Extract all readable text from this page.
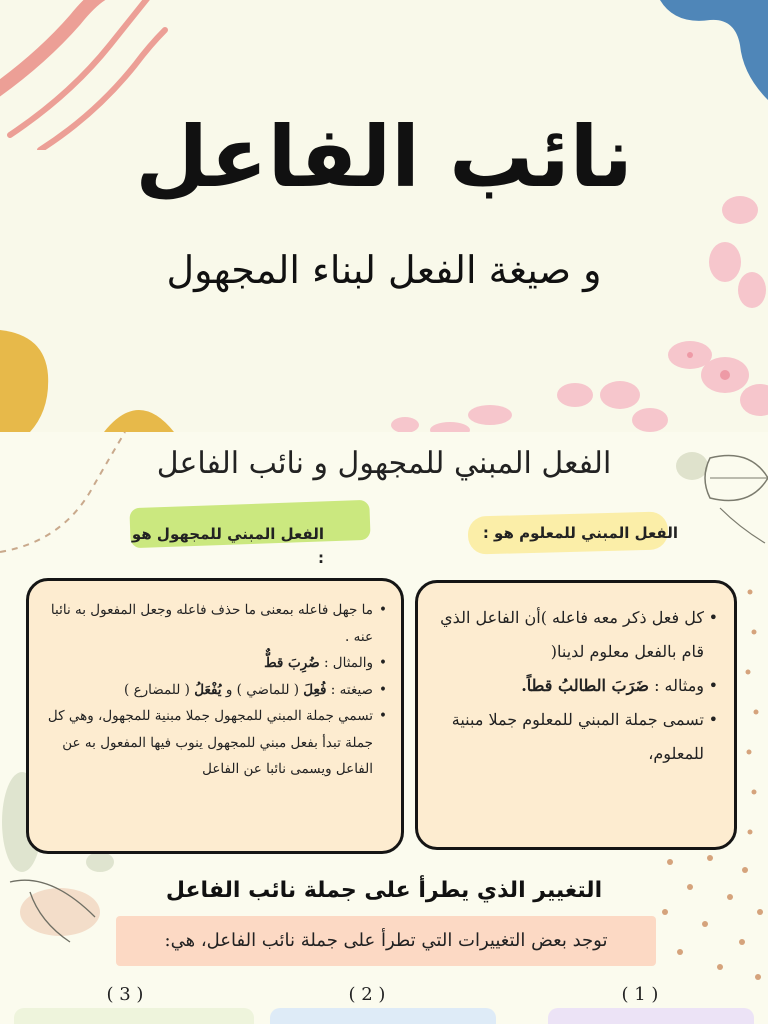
نائب الفاعل
و صيغة الفعل لبناء المجهول
الفعل المبني للمجهول و نائب الفاعل
الفعل المبني للمعلوم هو :
الفعل المبني للمجهول هو :
• كل فعل ذكر معه فاعله )أن الفاعل الذي قام بالفعل معلوم لدينا(
• ومثاله : ضَرَبَ الطالبُ قطاً.
• تسمى جملة المبني للمعلوم جملا مبنية للمعلوم،
• ما جهل فاعله بمعنى ما حذف فاعله وجعل المفعول به نائبا عنه .
• والمثال : ضُرِبَ قطٌّ
• صيغته : فُعِلَ ( للماضي ) و يُفْعَلُ ( للمضارع )
• تسمي جملة المبني للمجهول جملا مبنية للمجهول، وهي كل جملة تبدأ بفعل مبني للمجهول ينوب فيها المفعول به عن الفاعل ويسمى نائبا عن الفاعل
التغيير الذي يطرأ على جملة نائب الفاعل
توجد بعض التغييرات التي تطرأ على جملة نائب الفاعل، هي:
( 1 )
( 2 )
( 3 )
